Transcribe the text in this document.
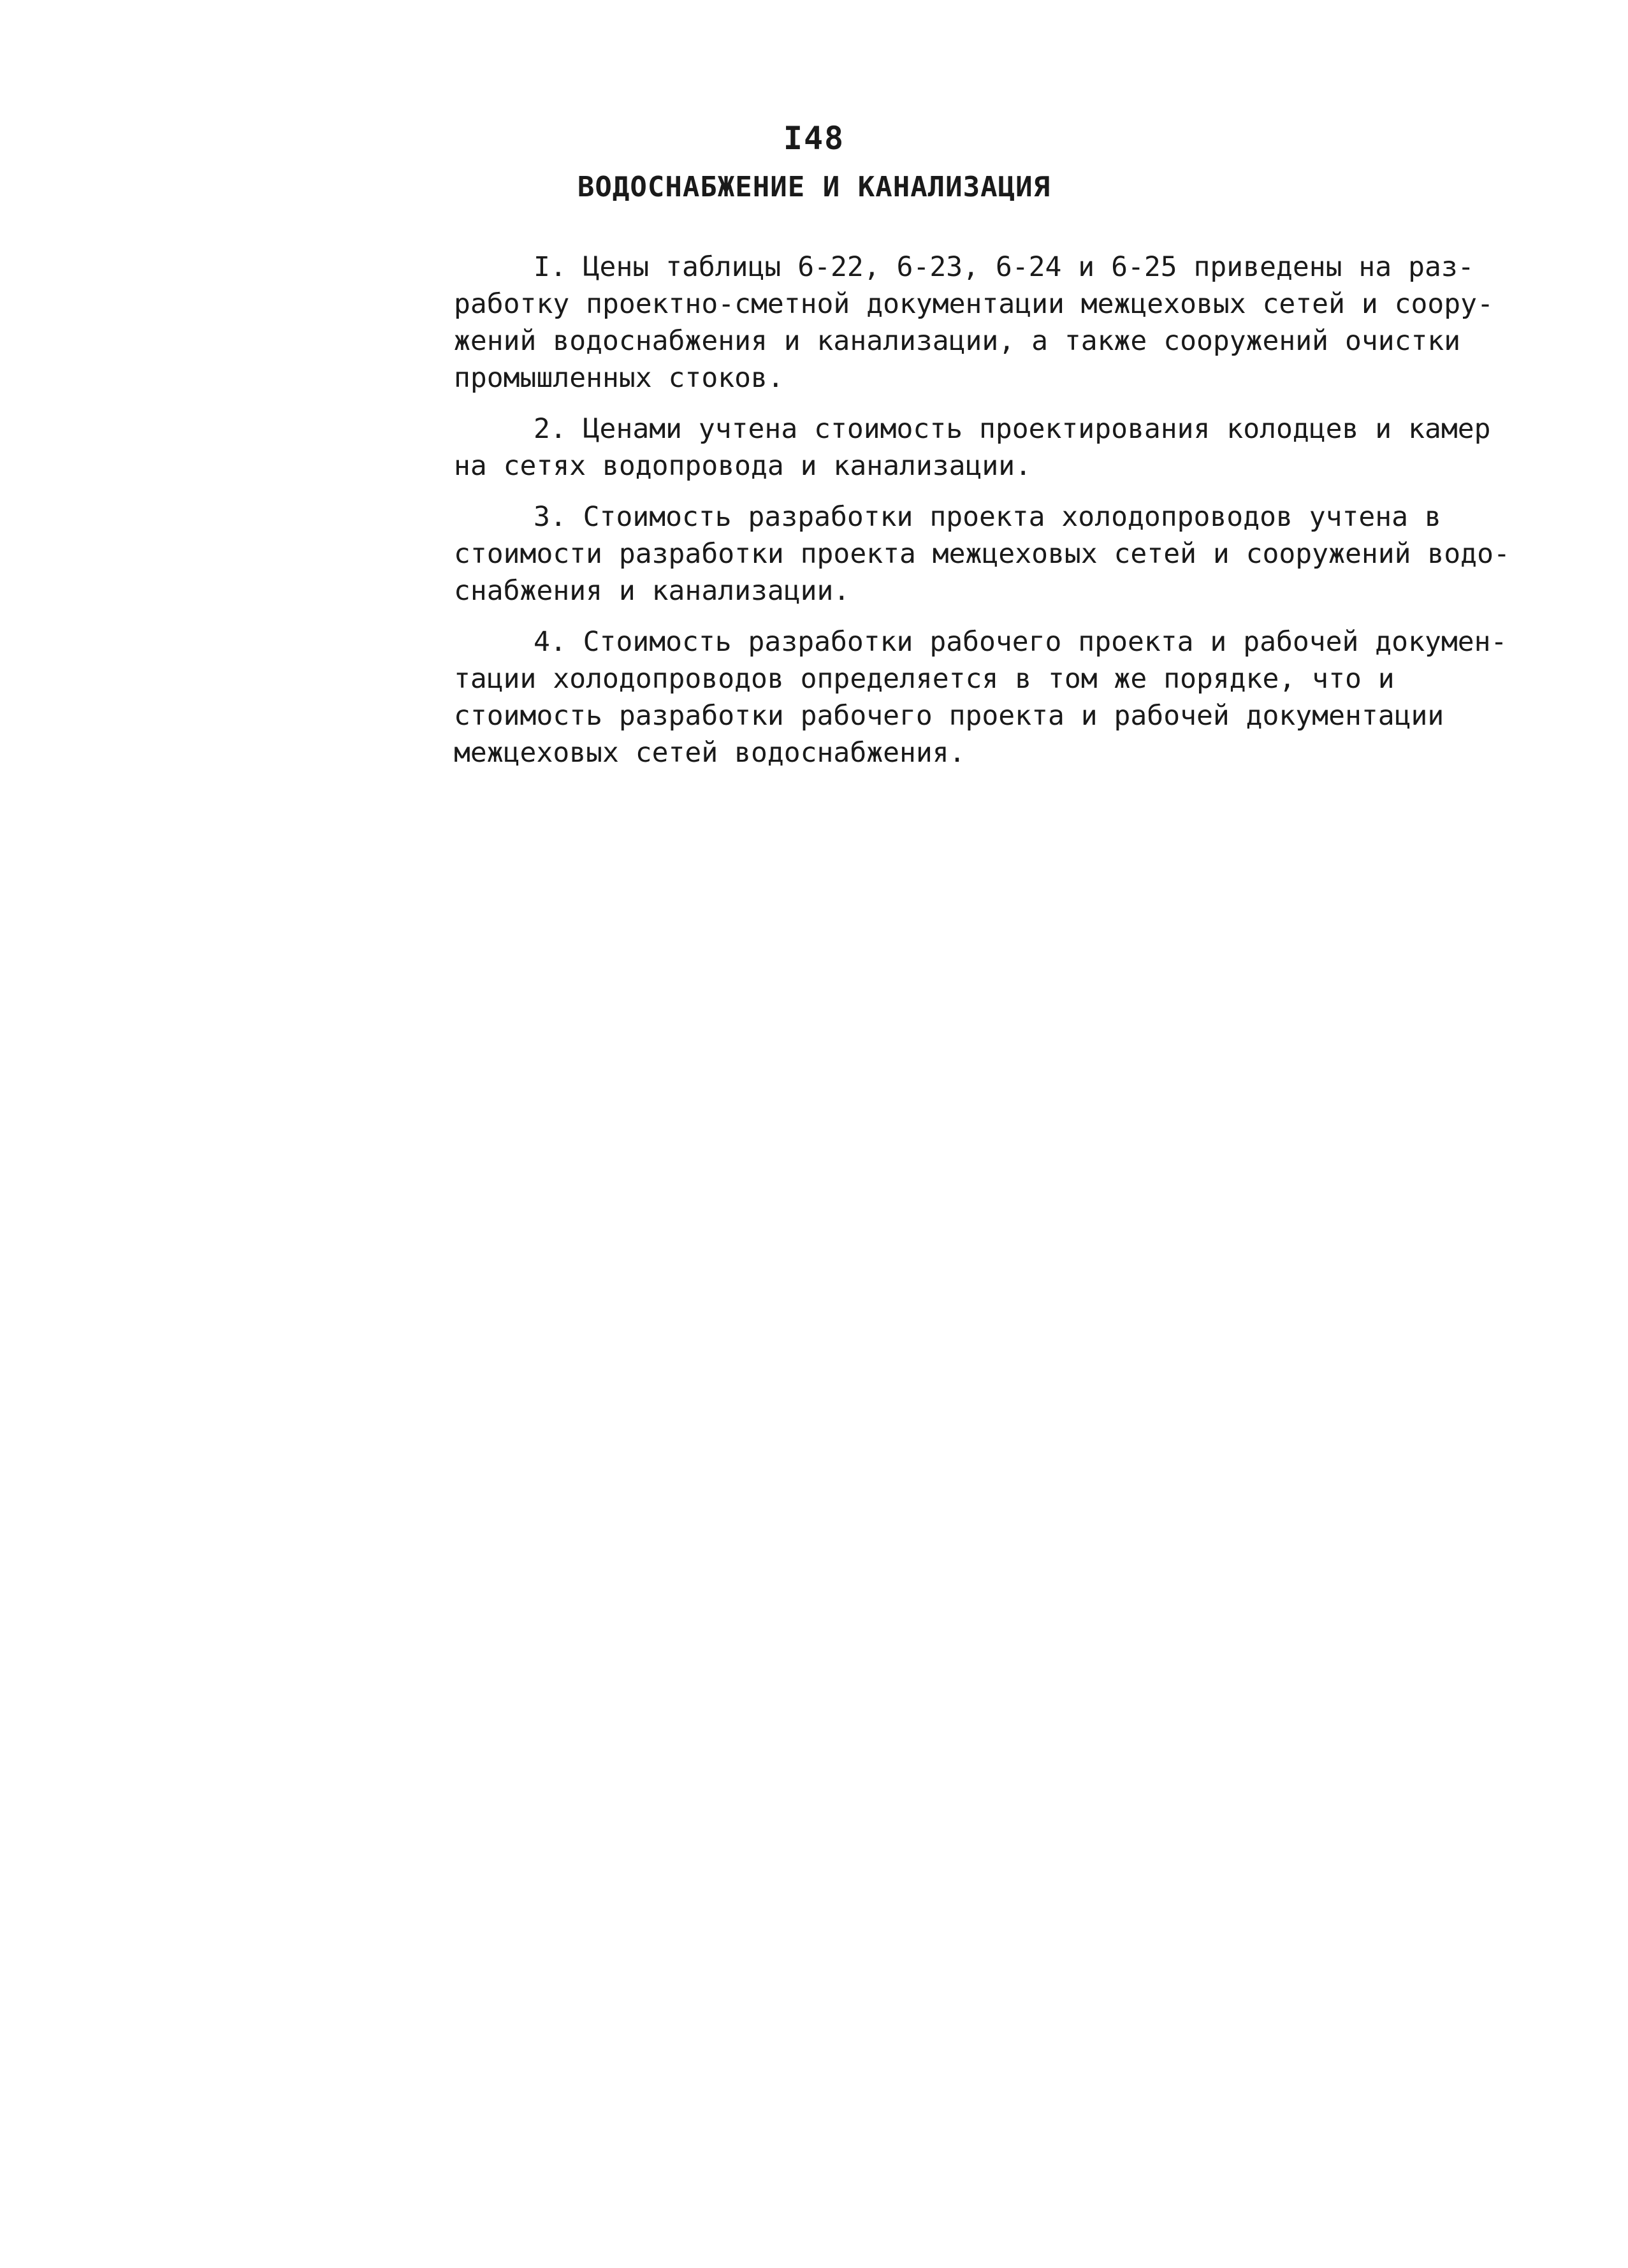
I48
ВОДОСНАБЖЕНИЕ И КАНАЛИЗАЦИЯ
I. Цены таблицы 6-22, 6-23, 6-24 и 6-25 приведены на раз-
работку проектно-сметной документации межцеховых сетей и соору-
жений водоснабжения и канализации, а также сооружений очистки
промышленных стоков.
2. Ценами учтена стоимость проектирования колодцев и камер
на сетях водопровода и канализации.
3. Стоимость разработки проекта холодопроводов учтена в
стоимости разработки проекта межцеховых сетей и сооружений водо-
снабжения и канализации.
4. Стоимость разработки рабочего проекта и рабочей докумен-
тации холодопроводов определяется в том же порядке, что и
стоимость разработки рабочего проекта и рабочей документации
межцеховых сетей водоснабжения.
